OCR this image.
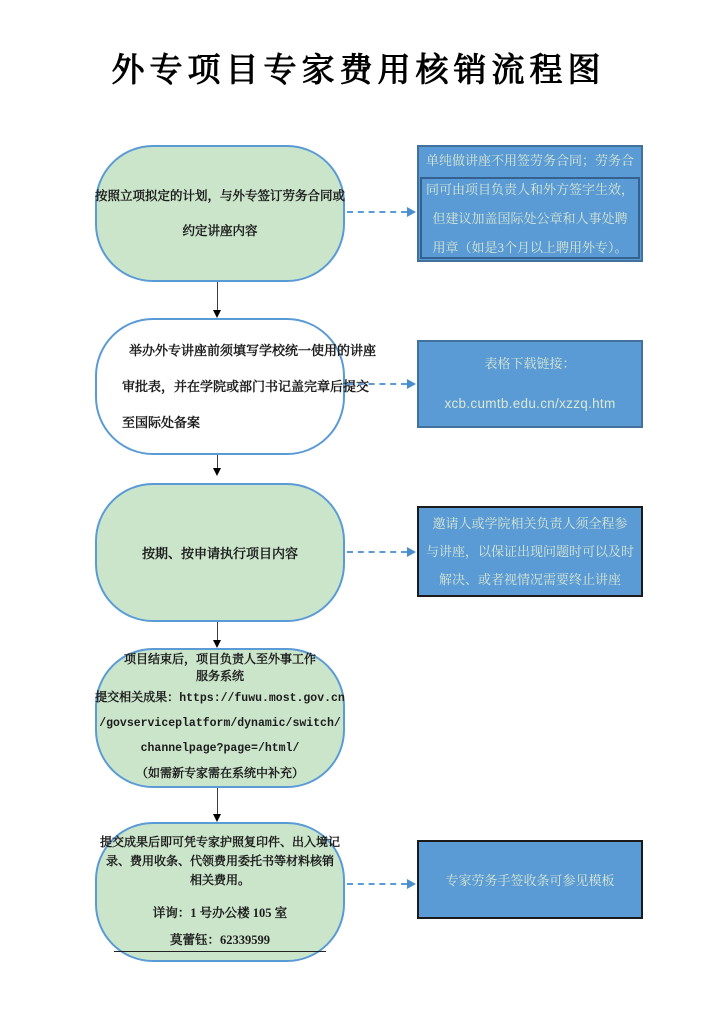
外专项目专家费用核销流程图
按照立项拟定的计划，与外专签订劳务合同或
约定讲座内容
举办外专讲座前须填写学校统一使用的讲座
审批表，并在学院或部门书记盖完章后提交
至国际处备案
按期、按申请执行项目内容
项目结束后，项目负责人至外事工作
服务系统
提交相关成果：https://fuwu.most.gov.cn
/govserviceplatform/dynamic/switch/
channelpage?page=/html/
（如需新专家需在系统中补充）
提交成果后即可凭专家护照复印件、出入境记
录、费用收条、代领费用委托书等材料核销
相关费用。
详询：1 号办公楼 105 室
莫蕾钰：62339599
单纯做讲座不用签劳务合同；劳务合
同可由项目负责人和外方签字生效，
但建议加盖国际处公章和人事处聘
用章（如是3个月以上聘用外专）。
表格下载链接：
xcb.cumtb.edu.cn/xzzq.htm
邀请人或学院相关负责人须全程参
与讲座，以保证出现问题时可以及时
解决、或者视情况需要终止讲座
专家劳务手签收条可参见模板
